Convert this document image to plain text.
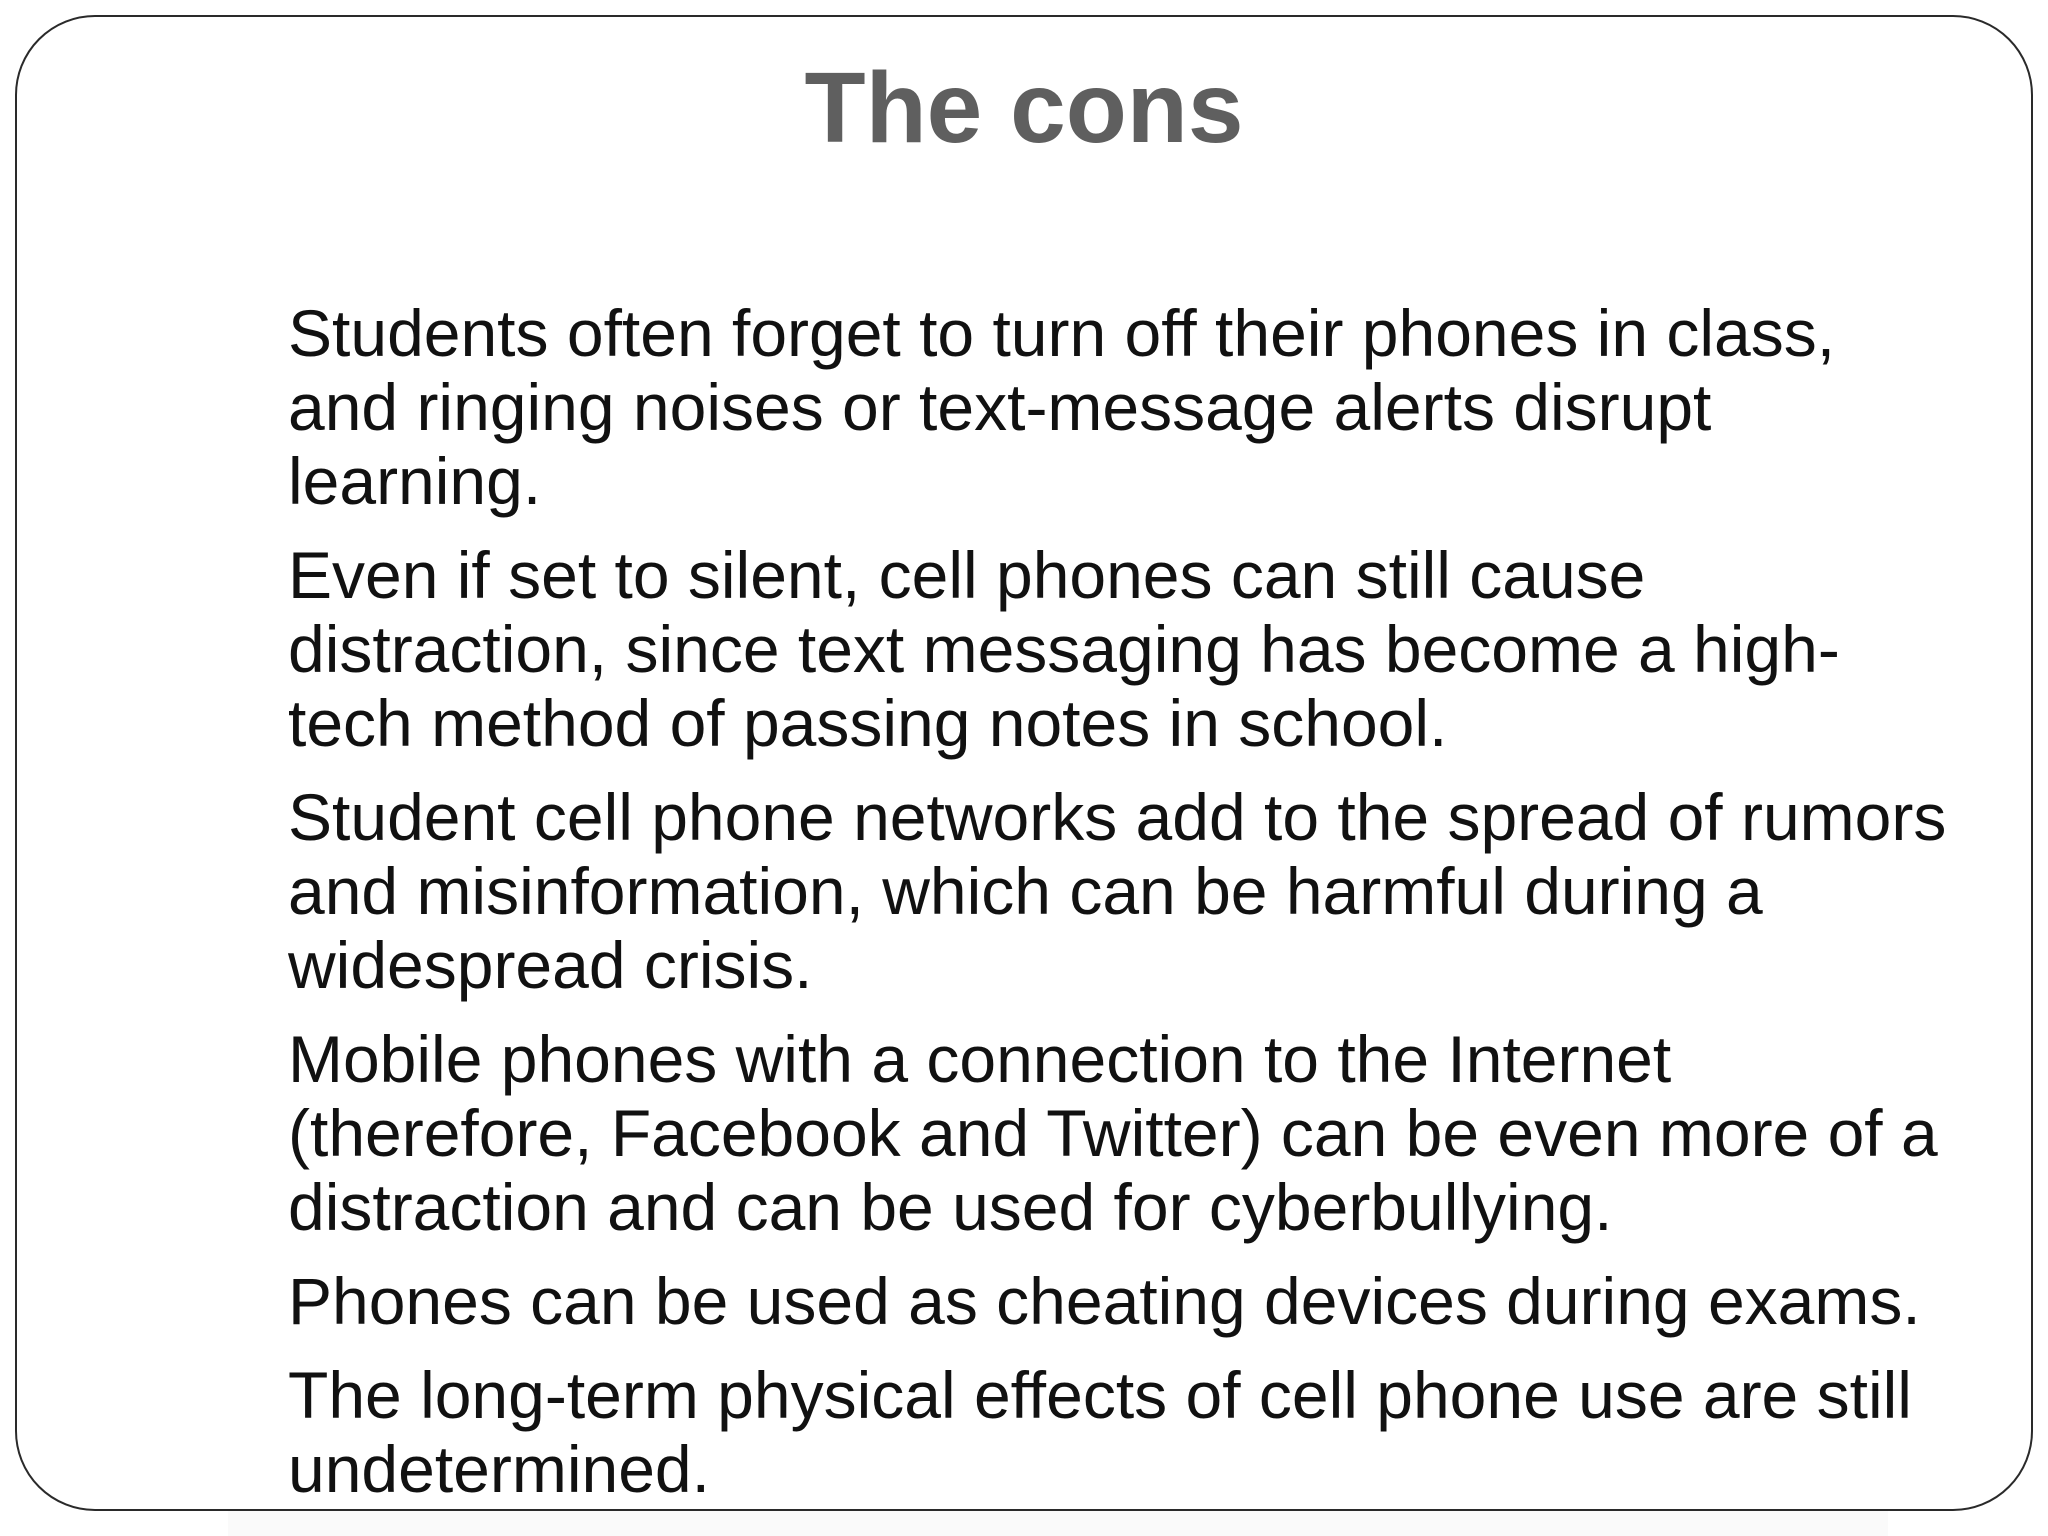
The cons
Students often forget to turn off their phones in class, and ringing noises or text-message alerts disrupt learning.
Even if set to silent, cell phones can still cause distraction, since text messaging has become a high-tech method of passing notes in school.
Student cell phone networks add to the spread of rumors and misinformation, which can be harmful during a widespread crisis.
Mobile phones with a connection to the Internet (therefore, Facebook and Twitter) can be even more of a distraction and can be used for cyberbullying.
Phones can be used as cheating devices during exams.
The long-term physical effects of cell phone use are still undetermined.
